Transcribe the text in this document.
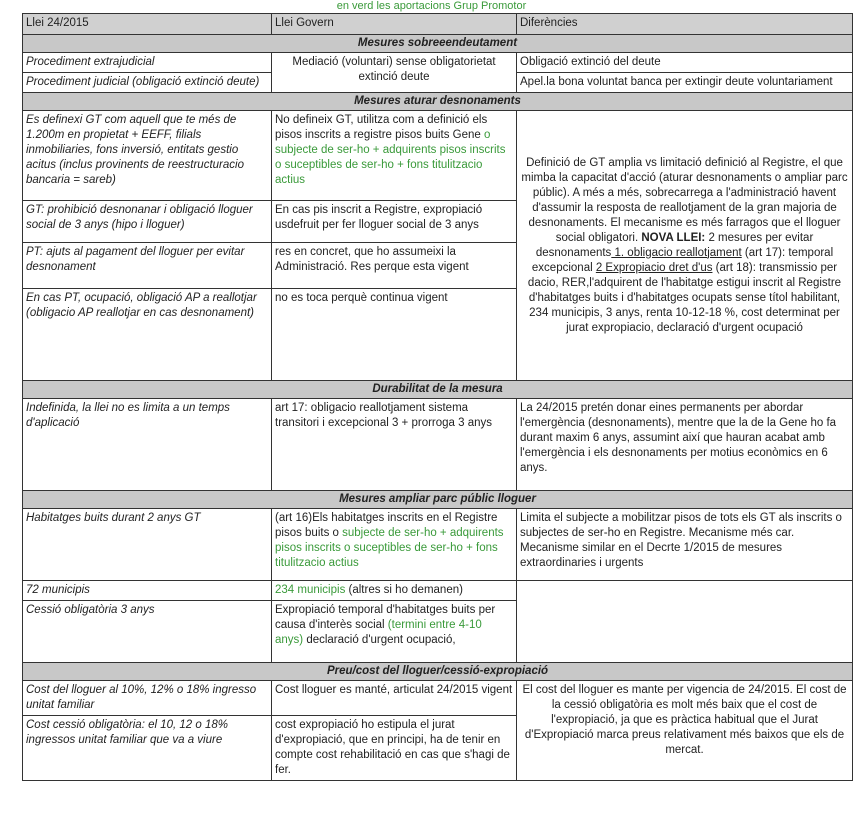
en verd les aportacions Grup Promotor
Llei 24/2015	Llei Govern	Diferències
Mesures sobreeendeutament		
Procediment extrajudicial	Mediació (voluntari) sense obligatorietat extinció deute	Obligació extinció del deute
Procediment judicial (obligació extinció deute)		Apel.la bona voluntat banca per extingir deute voluntariament
Mesures aturar desnonaments		
Es definexi GT com aquell que te més de 1.200m en propietat + EEFF, filials inmobiliaries, fons inversió, entitats gestio acitus (inclus provinents de reestructuracio bancaria = sareb)	No defineix GT, utilitza com a definició els pisos inscrits a registre pisos buits Gene o subjecte de ser-ho + adquirents pisos inscrits o suceptibles de ser-ho + fons titulitzacio actius	Definició de GT amplia vs limitació definició al Registre, el que mimba la capacitat d'acció (aturar desnonaments o ampliar parc públic). A més a més, sobrecarrega a l'administració havent d'assumir la resposta de reallotjament de la gran majoria de desnonaments. El mecanisme es més farragos que el lloguer social obligatori. NOVA LLEI: 2 mesures per evitar desnonaments 1. obligacio reallotjament (art 17): temporal excepcional 2 Expropiacio dret d'us (art 18): transmissio per dacio, RER,l'adquirent de l'habitatge estigui inscrit al Registre d'habitatges buits i d'habitatges ocupats sense títol habilitant, 234 municipis, 3 anys, renta 10-12-18 %, cost determinat per jurat expropiacio, declaració d'urgent ocupació
GT: prohibició desnonanar i obligació lloguer social de 3 anys (hipo i lloguer)	En cas pis inscrit a Registre, expropiació usdefruit per fer lloguer social de 3 anys	
PT: ajuts al pagament del lloguer per evitar desnonament	res en concret, que ho assumeixi la Administració. Res perque esta vigent	
En cas PT, ocupació, obligació AP a reallotjar (obligacio AP reallotjar en cas desnonament)	no es toca perquè continua vigent	
Durabilitat de la mesura		
Indefinida, la llei no es limita a un temps d'aplicació	art 17: obligacio reallotjament sistema transitori i excepcional 3 + prorroga 3 anys	La 24/2015 pretén donar eines permanents per abordar l'emergència (desnonaments), mentre que la de la Gene ho fa durant maxim 6 anys, assumint així que hauran acabat amb l'emergència i els desnonaments per motius econòmics en 6 anys.
Mesures ampliar parc públic lloguer		
Habitatges buits durant 2 anys GT	(art 16)Els habitatges inscrits en el Registre pisos buits o subjecte de ser-ho + adquirents pisos inscrits o suceptibles de ser-ho + fons titulitzacio actius	Limita el subjecte a mobilitzar pisos de tots els GT als inscrits o subjectes de ser-ho en Registre. Mecanisme més car. Mecanisme similar en el Decrte 1/2015 de mesures extraordinaries i urgents
72 municipis	234 municipis (altres si ho demanen)	
Cessió obligatòria 3 anys	Expropiació temporal d'habitatges buits per causa d'interès social (termini entre 4-10 anys) declaració d'urgent ocupació,	
Preu/cost del lloguer/cessió-expropiació		
Cost del lloguer al 10%, 12% o 18% ingresso unitat familiar	Cost lloguer es manté, articulat 24/2015 vigent	El cost del lloguer es mante per vigencia de 24/2015. El cost de la cessió obligatòria es molt més baix que el cost de l'expropiació, ja que es pràctica habitual que el Jurat d'Expropiació marca preus relativament més baixos que els de mercat.
Cost cessió obligatòria: el 10, 12 o 18% ingressos unitat familiar que va a viure	cost expropiació ho estipula el jurat d'expropiació, que en principi, ha de tenir en compte cost rehabilitació en cas que s'hagi de fer.	
